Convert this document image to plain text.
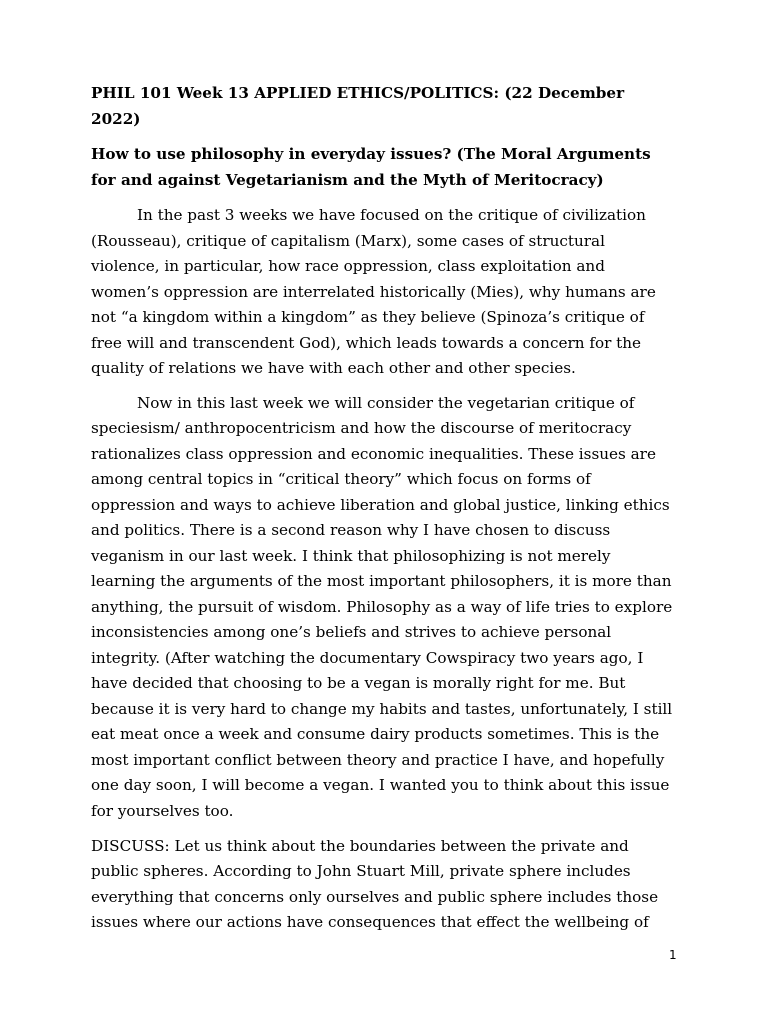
PHIL 101 Week 13 APPLIED ETHICS/POLITICS: (22 December 2022)

How to use philosophy in everyday issues? (The Moral Arguments for and against Vegetarianism and the Myth of Meritocracy)

In the past 3 weeks we have focused on the critique of civilization (Rousseau), critique of capitalism (Marx), some cases of structural violence, in particular, how race oppression, class exploitation and women’s oppression are interrelated historically (Mies), why humans are not “a kingdom within a kingdom” as they believe (Spinoza’s critique of free will and transcendent God), which leads towards a concern for the quality of relations we have with each other and other species.

Now in this last week we will consider the vegetarian critique of speciesism/ anthropocentricism and how the discourse of meritocracy rationalizes class oppression and economic inequalities. These issues are among central topics in “critical theory” which focus on forms of oppression and ways to achieve liberation and global justice, linking ethics and politics. There is a second reason why I have chosen to discuss veganism in our last week. I think that philosophizing is not merely learning the arguments of the most important philosophers, it is more than anything, the pursuit of wisdom. Philosophy as a way of life tries to explore inconsistencies among one’s beliefs and strives to achieve personal integrity. (After watching the documentary Cowspiracy two years ago, I have decided that choosing to be a vegan is morally right for me. But because it is very hard to change my habits and tastes, unfortunately, I still eat meat once a week and consume dairy products sometimes. This is the most important conflict between theory and practice I have, and hopefully one day soon, I will become a vegan. I wanted you to think about this issue for yourselves too.

DISCUSS: Let us think about the boundaries between the private and public spheres. According to John Stuart Mill, private sphere includes everything that concerns only ourselves and public sphere includes those issues where our actions have consequences that effect the wellbeing of

1
